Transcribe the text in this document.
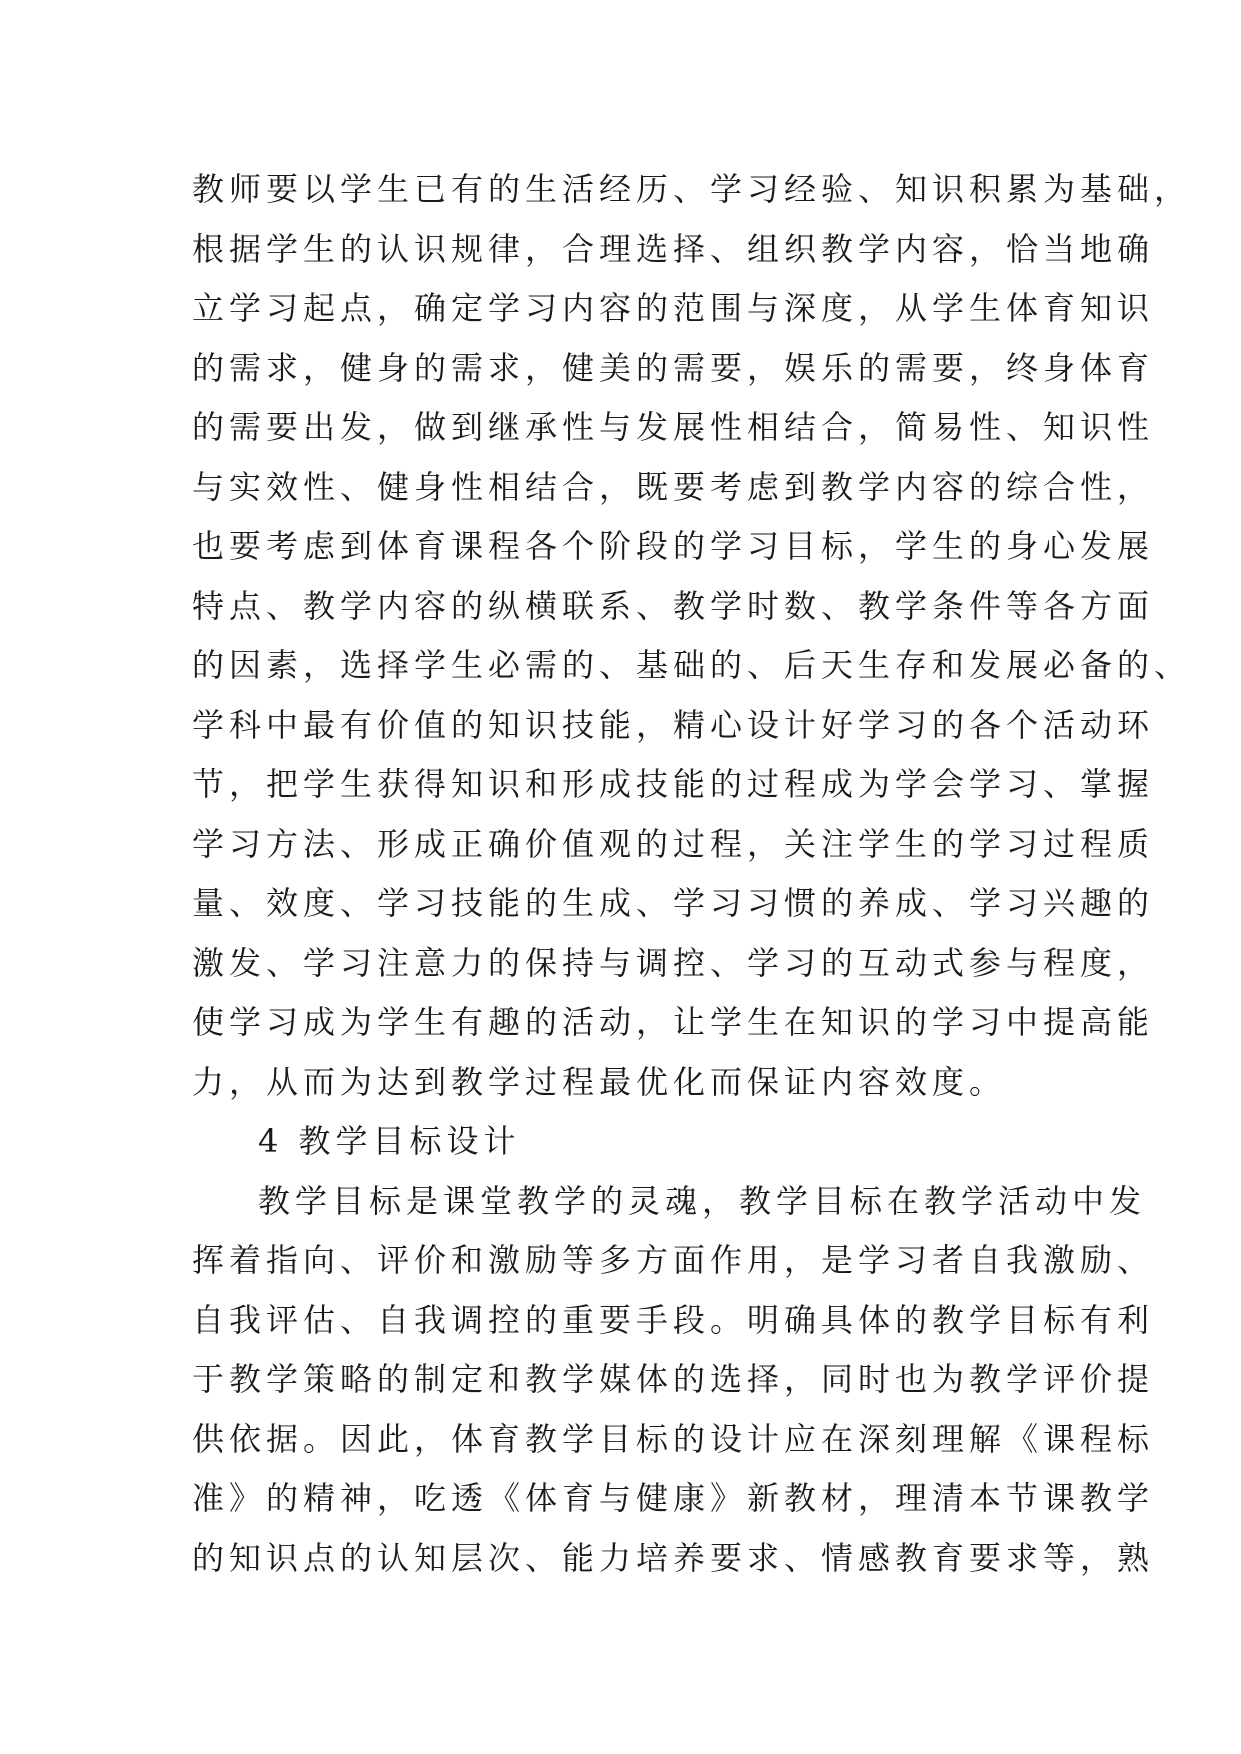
教师要以学生已有的生活经历、学习经验、知识积累为基础，
根据学生的认识规律，合理选择、组织教学内容，恰当地确
立学习起点，确定学习内容的范围与深度，从学生体育知识
的需求，健身的需求，健美的需要，娱乐的需要，终身体育
的需要出发，做到继承性与发展性相结合，简易性、知识性
与实效性、健身性相结合，既要考虑到教学内容的综合性，
也要考虑到体育课程各个阶段的学习目标，学生的身心发展
特点、教学内容的纵横联系、教学时数、教学条件等各方面
的因素，选择学生必需的、基础的、后天生存和发展必备的、
学科中最有价值的知识技能，精心设计好学习的各个活动环
节，把学生获得知识和形成技能的过程成为学会学习、掌握
学习方法、形成正确价值观的过程，关注学生的学习过程质
量、效度、学习技能的生成、学习习惯的养成、学习兴趣的
激发、学习注意力的保持与调控、学习的互动式参与程度，
使学习成为学生有趣的活动，让学生在知识的学习中提高能
力，从而为达到教学过程最优化而保证内容效度。
4 教学目标设计
教学目标是课堂教学的灵魂，教学目标在教学活动中发
挥着指向、评价和激励等多方面作用，是学习者自我激励、
自我评估、自我调控的重要手段。明确具体的教学目标有利
于教学策略的制定和教学媒体的选择，同时也为教学评价提
供依据。因此，体育教学目标的设计应在深刻理解《课程标
准》的精神，吃透《体育与健康》新教材，理清本节课教学
的知识点的认知层次、能力培养要求、情感教育要求等，熟
